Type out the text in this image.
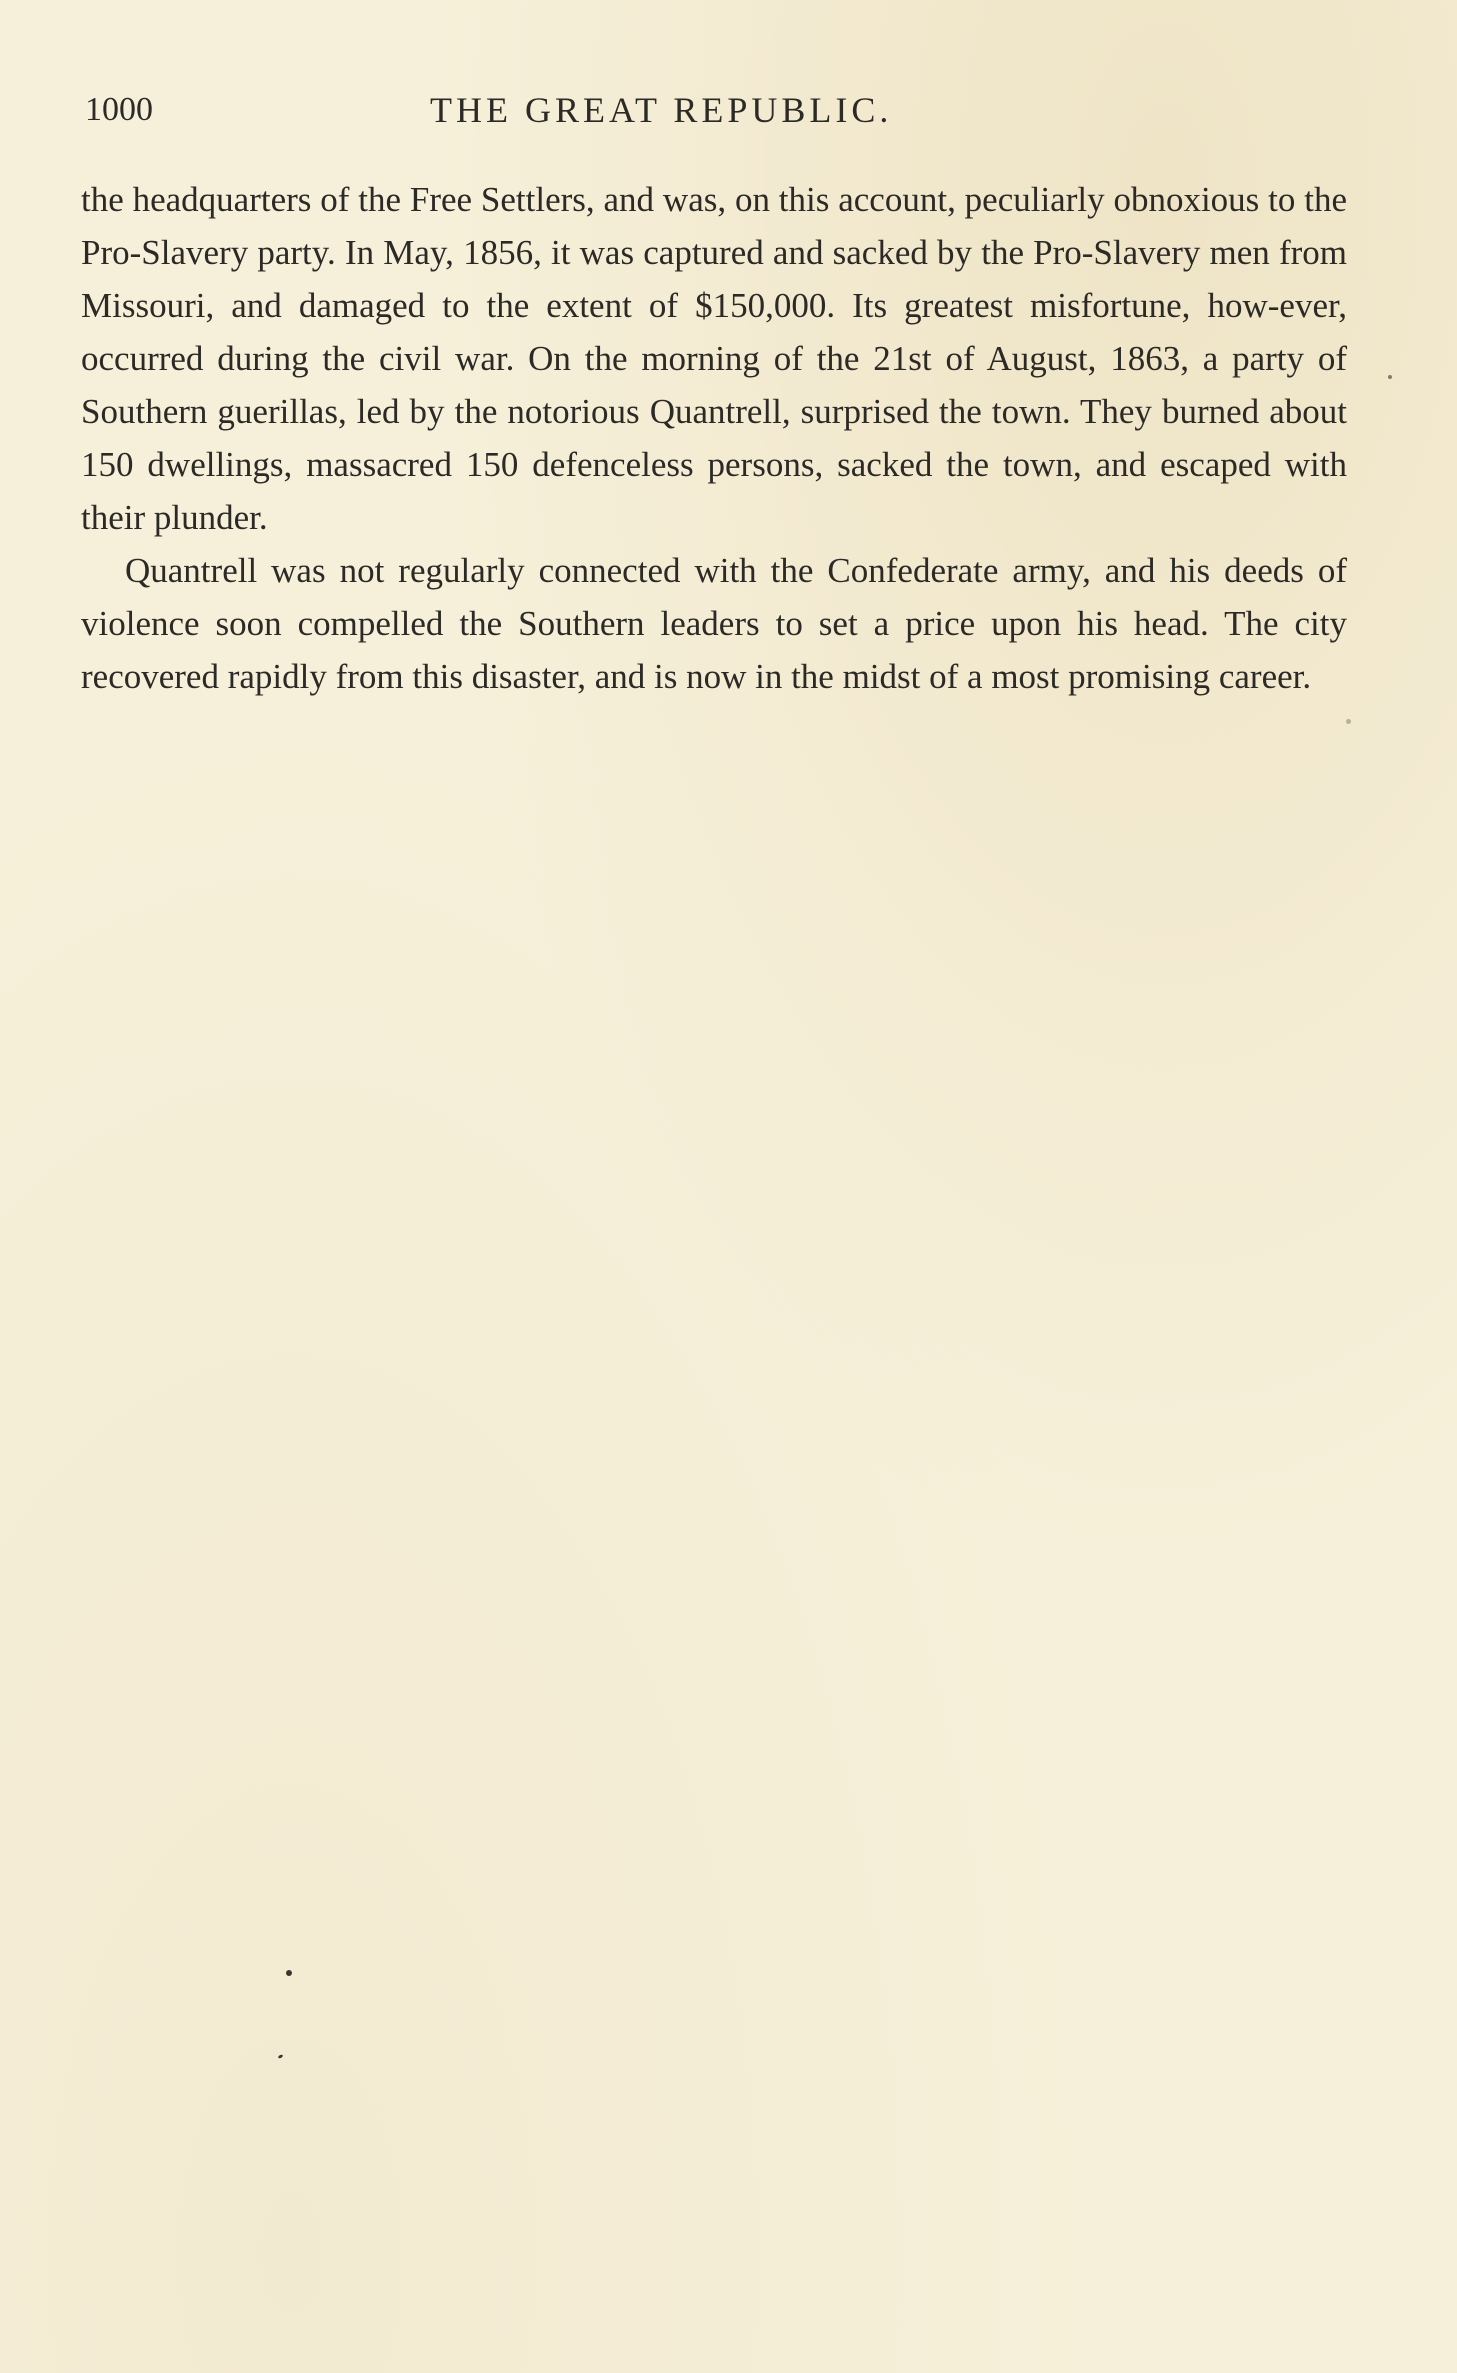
1000	THE GREAT REPUBLIC.

the headquarters of the Free Settlers, and was, on this account, peculiarly obnoxious to the Pro-Slavery party. In May, 1856, it was captured and sacked by the Pro-Slavery men from Missouri, and damaged to the extent of $150,000. Its greatest misfortune, how-ever, occurred during the civil war. On the morning of the 21st of August, 1863, a party of Southern guerillas, led by the notorious Quantrell, surprised the town. They burned about 150 dwellings, massacred 150 defenceless persons, sacked the town, and escaped with their plunder.

Quantrell was not regularly connected with the Confederate army, and his deeds of violence soon compelled the Southern leaders to set a price upon his head. The city recovered rapidly from this disaster, and is now in the midst of a most promising career.
